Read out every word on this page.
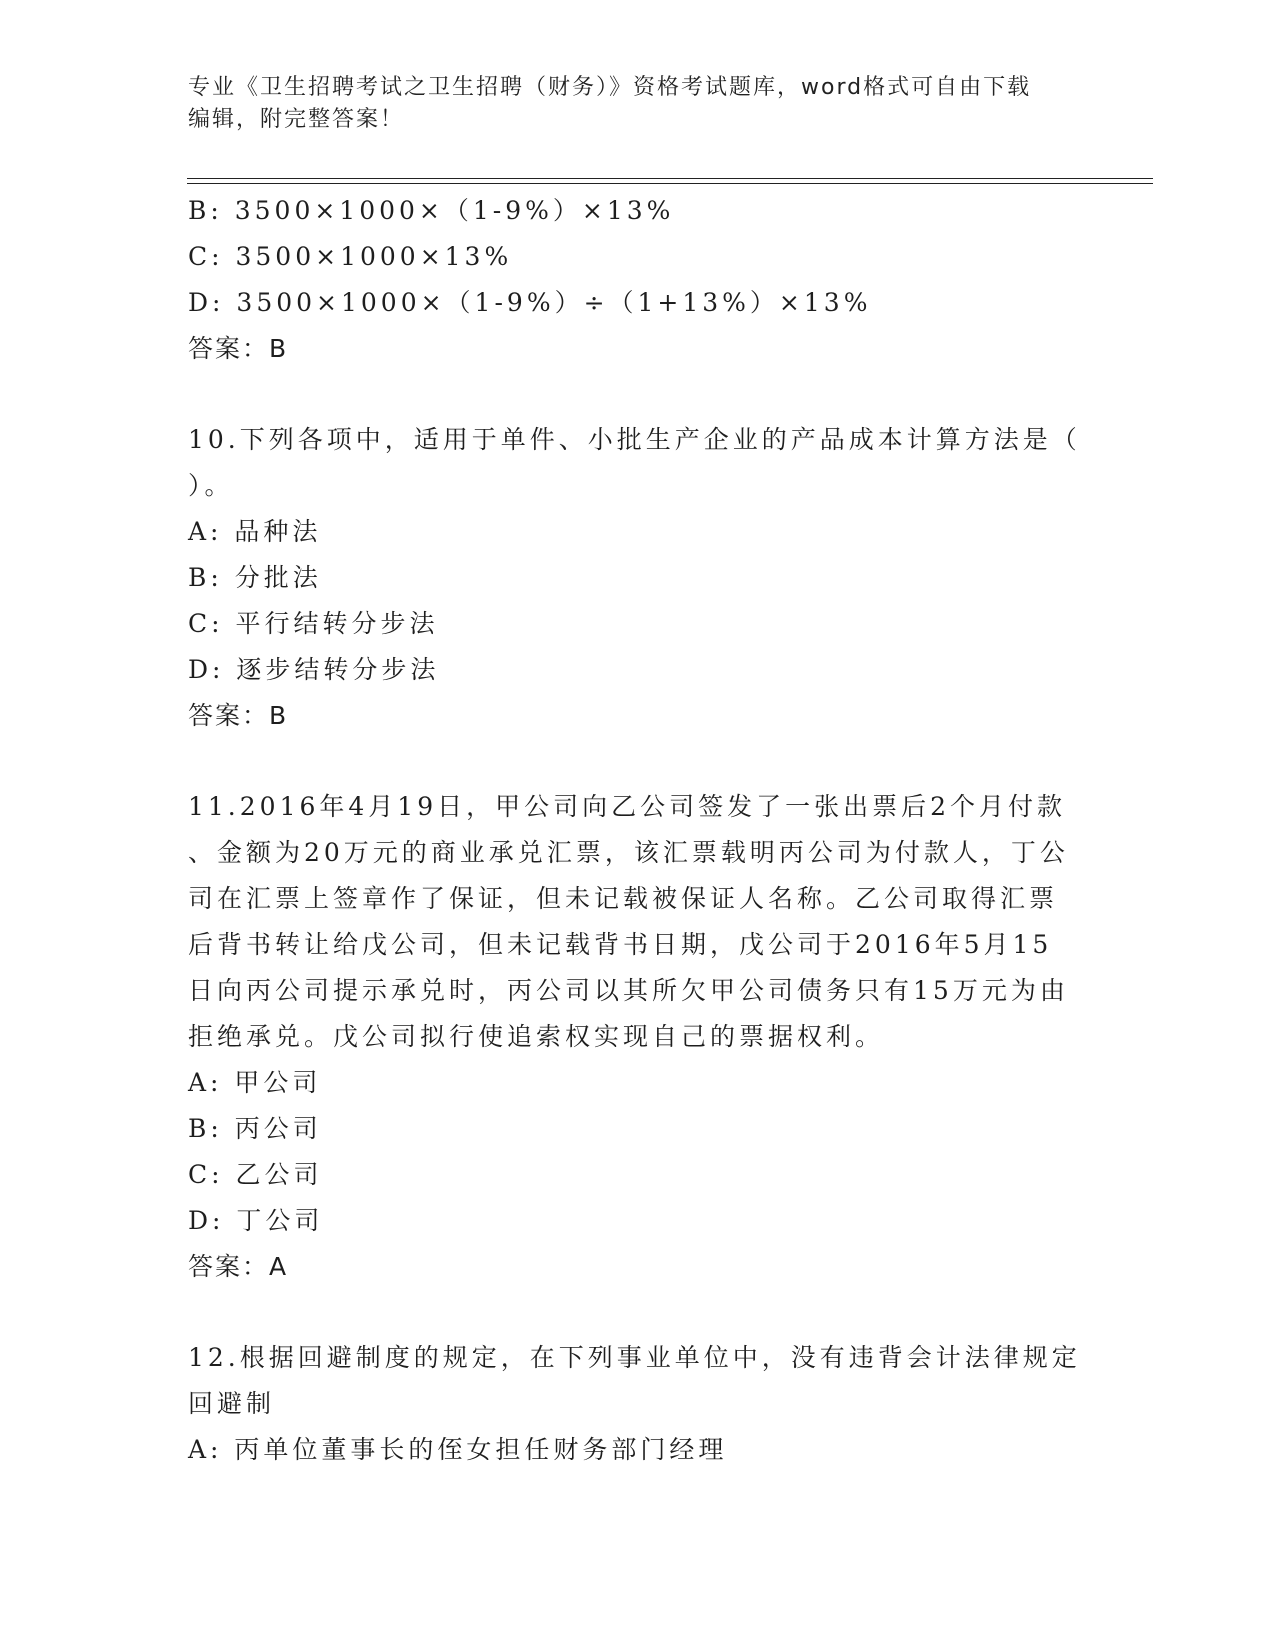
专业《卫生招聘考试之卫生招聘（财务）》资格考试题库，word格式可自由下载
编辑，附完整答案！
B: 3500×1000×（1-9%）×13%
C: 3500×1000×13%
D: 3500×1000×（1-9%）÷（1+13%）×13%
答案：B
10.下列各项中，适用于单件、小批生产企业的产品成本计算方法是（
）。
A: 品种法
B: 分批法
C: 平行结转分步法
D: 逐步结转分步法
答案：B
11.2016年4月19日，甲公司向乙公司签发了一张出票后2个月付款
、金额为20万元的商业承兑汇票，该汇票载明丙公司为付款人，丁公
司在汇票上签章作了保证，但未记载被保证人名称。乙公司取得汇票
后背书转让给戊公司，但未记载背书日期，戊公司于2016年5月15
日向丙公司提示承兑时，丙公司以其所欠甲公司债务只有15万元为由
拒绝承兑。戊公司拟行使追索权实现自己的票据权利。
A: 甲公司
B: 丙公司
C: 乙公司
D: 丁公司
答案：A
12.根据回避制度的规定，在下列事业单位中，没有违背会计法律规定
回避制
A: 丙单位董事长的侄女担任财务部门经理
